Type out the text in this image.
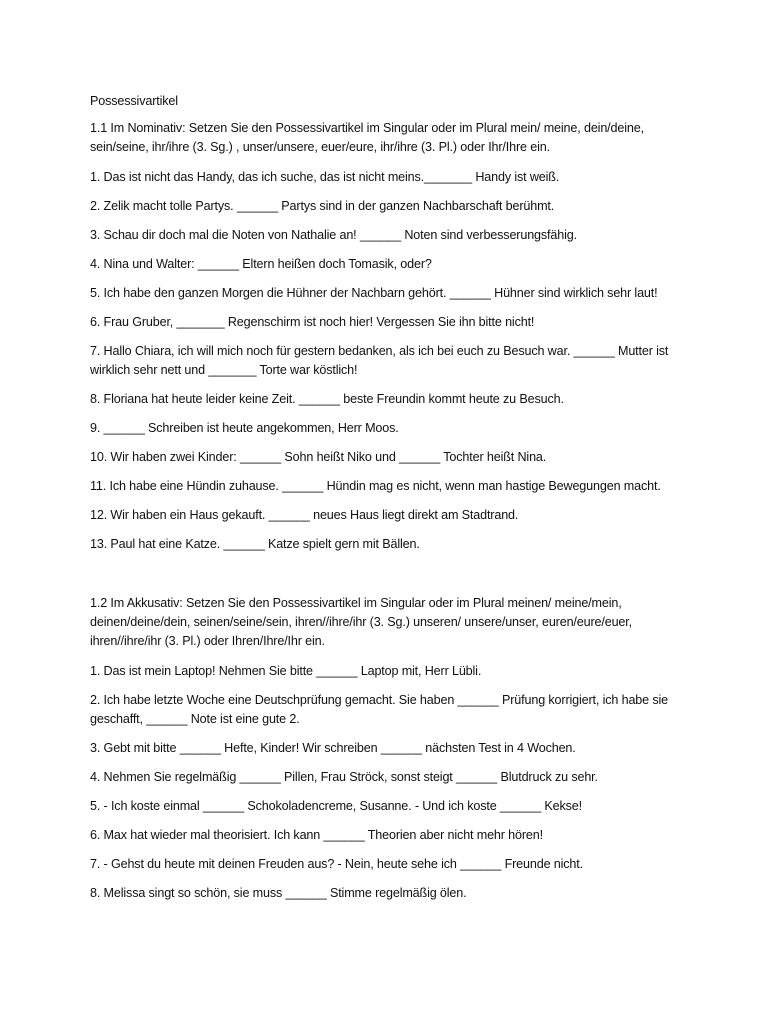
Possessivartikel
1.1 Im Nominativ: Setzen Sie den Possessivartikel im Singular oder im Plural mein/ meine, dein/deine, sein/seine, ihr/ihre (3. Sg.) , unser/unsere, euer/eure, ihr/ihre (3. Pl.) oder Ihr/Ihre ein.
1. Das ist nicht das Handy, das ich suche, das ist nicht meins._______ Handy ist weiß.
2. Zelik macht tolle Partys. ______ Partys sind in der ganzen Nachbarschaft berühmt.
3. Schau dir doch mal die Noten von Nathalie an! ______ Noten sind verbesserungsfähig.
4. Nina und Walter: ______ Eltern heißen doch Tomasik, oder?
5. Ich habe den ganzen Morgen die Hühner der Nachbarn gehört. ______ Hühner sind wirklich sehr laut!
6. Frau Gruber, _______ Regenschirm ist noch hier! Vergessen Sie ihn bitte nicht!
7. Hallo Chiara, ich will mich noch für gestern bedanken, als ich bei euch zu Besuch war. ______ Mutter ist wirklich sehr nett und _______ Torte war köstlich!
8. Floriana hat heute leider keine Zeit. ______ beste Freundin kommt heute zu Besuch.
9. ______ Schreiben ist heute angekommen, Herr Moos.
10. Wir haben zwei Kinder: ______ Sohn heißt Niko und ______ Tochter heißt Nina.
11. Ich habe eine Hündin zuhause. ______ Hündin mag es nicht, wenn man hastige Bewegungen macht.
12. Wir haben ein Haus gekauft. ______ neues Haus liegt direkt am Stadtrand.
13. Paul hat eine Katze. ______ Katze spielt gern mit Bällen.
1.2 Im Akkusativ: Setzen Sie den Possessivartikel im Singular oder im Plural meinen/ meine/mein, deinen/deine/dein, seinen/seine/sein, ihren//ihre/ihr (3. Sg.) unseren/ unsere/unser, euren/eure/euer, ihren//ihre/ihr (3. Pl.) oder Ihren/Ihre/Ihr ein.
1. Das ist mein Laptop! Nehmen Sie bitte ______ Laptop mit, Herr Lübli.
2. Ich habe letzte Woche eine Deutschprüfung gemacht. Sie haben ______ Prüfung korrigiert, ich habe sie geschafft, ______ Note ist eine gute 2.
3. Gebt mit bitte ______ Hefte, Kinder! Wir schreiben ______ nächsten Test in 4 Wochen.
4. Nehmen Sie regelmäßig ______ Pillen, Frau Ströck, sonst steigt ______ Blutdruck zu sehr.
5. - Ich koste einmal ______ Schokoladencreme, Susanne. - Und ich koste ______ Kekse!
6. Max hat wieder mal theorisiert. Ich kann ______ Theorien aber nicht mehr hören!
7. - Gehst du heute mit deinen Freuden aus? - Nein, heute sehe ich ______ Freunde nicht.
8. Melissa singt so schön, sie muss ______ Stimme regelmäßig ölen.
